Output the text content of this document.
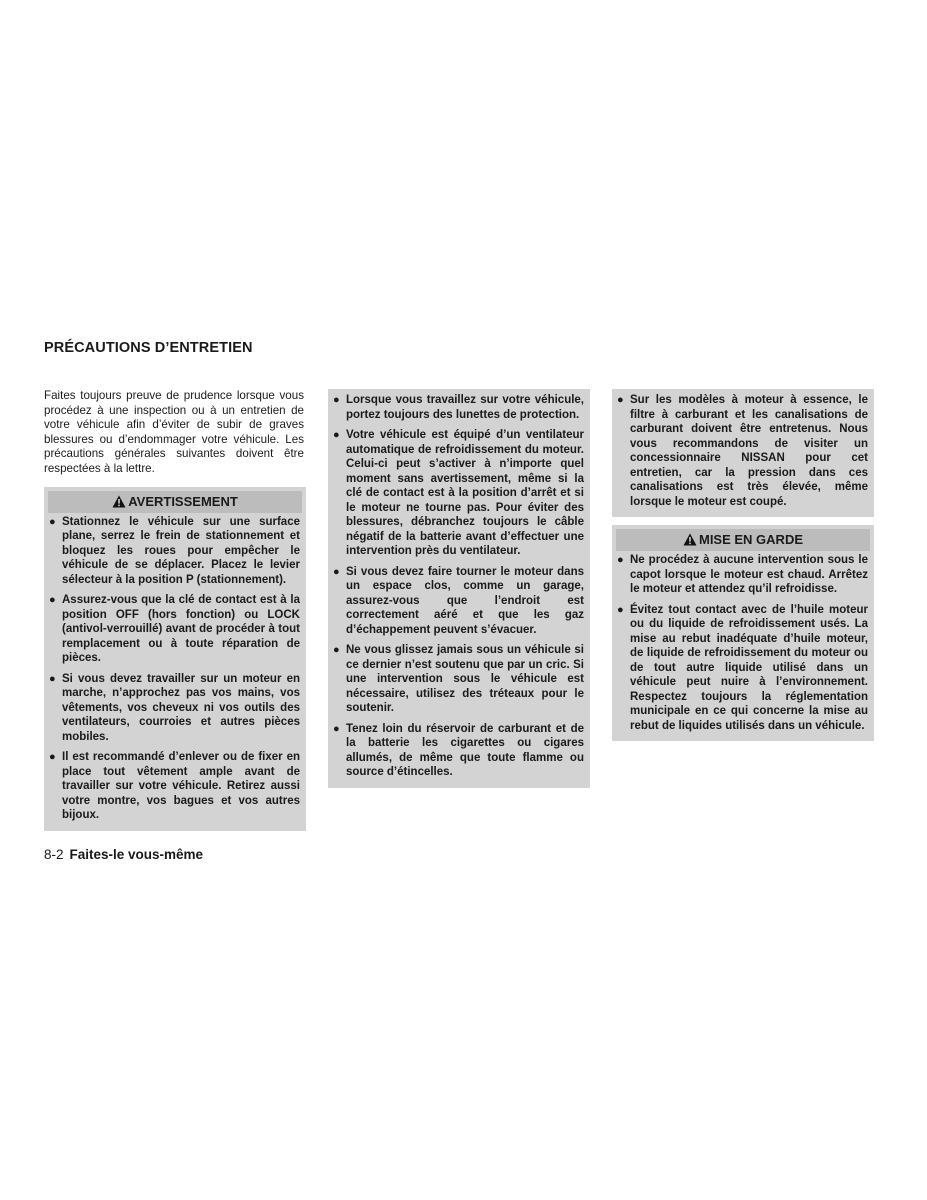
PRÉCAUTIONS D’ENTRETIEN

Faites toujours preuve de prudence lorsque vous procédez à une inspection ou à un entretien de votre véhicule afin d’éviter de subir de graves blessures ou d’endommager votre véhicule. Les précautions générales suivantes doivent être respectées à la lettre.

AVERTISSEMENT
● Stationnez le véhicule sur une surface plane, serrez le frein de stationnement et bloquez les roues pour empêcher le véhicule de se déplacer. Placez le levier sélecteur à la position P (stationnement).
● Assurez-vous que la clé de contact est à la position OFF (hors fonction) ou LOCK (antivol-verrouillé) avant de procéder à tout remplacement ou à toute réparation de pièces.
● Si vous devez travailler sur un moteur en marche, n’approchez pas vos mains, vos vêtements, vos cheveux ni vos outils des ventilateurs, courroies et autres pièces mobiles.
● Il est recommandé d’enlever ou de fixer en place tout vêtement ample avant de travailler sur votre véhicule. Retirez aussi votre montre, vos bagues et vos autres bijoux.
● Lorsque vous travaillez sur votre véhicule, portez toujours des lunettes de protection.
● Votre véhicule est équipé d’un ventilateur automatique de refroidissement du moteur. Celui-ci peut s’activer à n’importe quel moment sans avertissement, même si la clé de contact est à la position d’arrêt et si le moteur ne tourne pas. Pour éviter des blessures, débranchez toujours le câble négatif de la batterie avant d’effectuer une intervention près du ventilateur.
● Si vous devez faire tourner le moteur dans un espace clos, comme un garage, assurez-vous que l’endroit est correctement aéré et que les gaz d’échappement peuvent s’évacuer.
● Ne vous glissez jamais sous un véhicule si ce dernier n’est soutenu que par un cric. Si une intervention sous le véhicule est nécessaire, utilisez des tréteaux pour le soutenir.
● Tenez loin du réservoir de carburant et de la batterie les cigarettes ou cigares allumés, de même que toute flamme ou source d’étincelles.
● Sur les modèles à moteur à essence, le filtre à carburant et les canalisations de carburant doivent être entretenus. Nous vous recommandons de visiter un concessionnaire NISSAN pour cet entretien, car la pression dans ces canalisations est très élevée, même lorsque le moteur est coupé.
MISE EN GARDE
● Ne procédez à aucune intervention sous le capot lorsque le moteur est chaud. Arrêtez le moteur et attendez qu’il refroidisse.
● Évitez tout contact avec de l’huile moteur ou du liquide de refroidissement usés. La mise au rebut inadéquate d’huile moteur, de liquide de refroidissement du moteur ou de tout autre liquide utilisé dans un véhicule peut nuire à l’environnement. Respectez toujours la réglementation municipale en ce qui concerne la mise au rebut de liquides utilisés dans un véhicule.
8-2 Faites-le vous-même
